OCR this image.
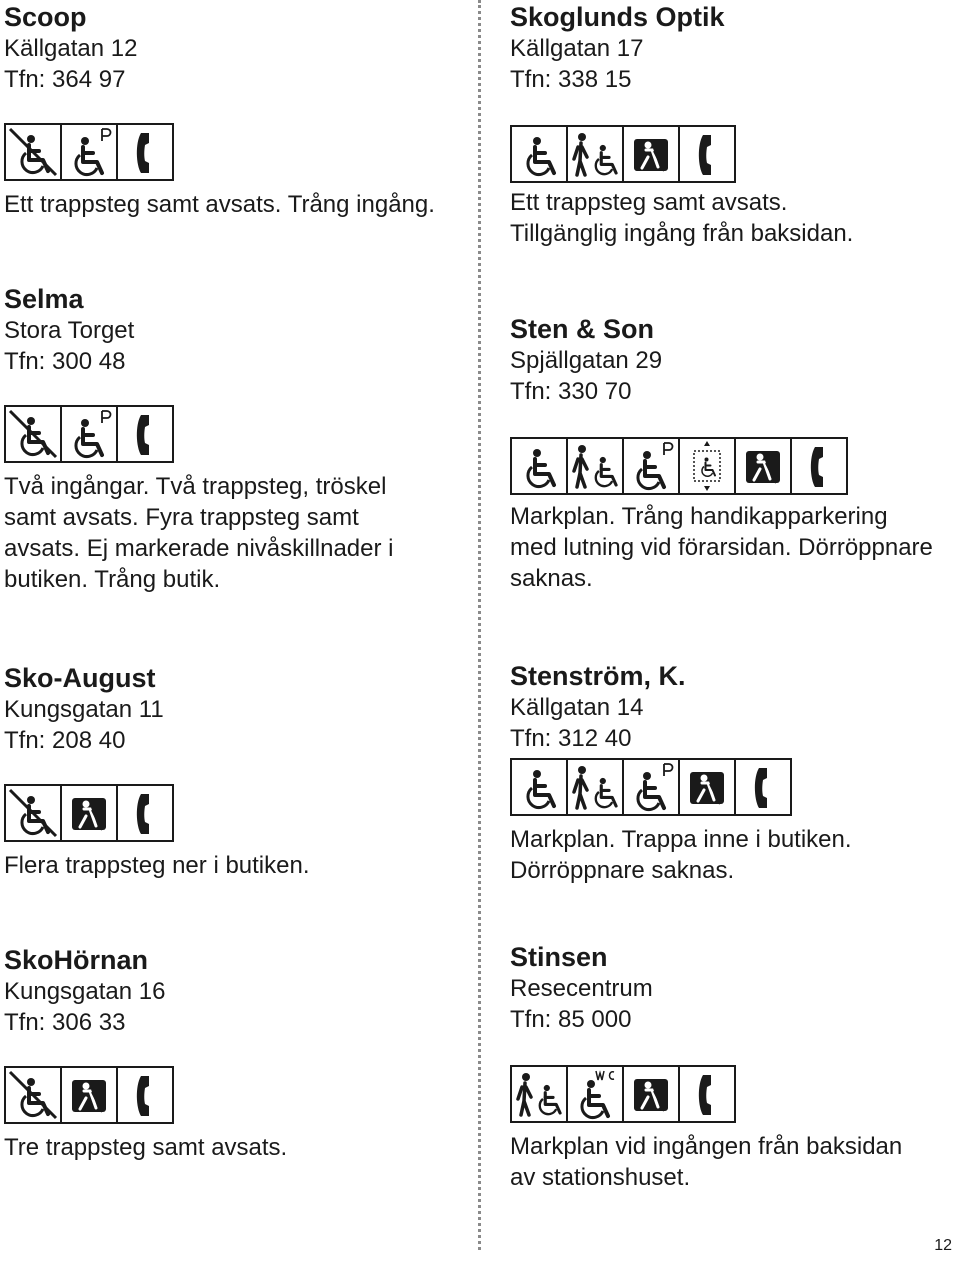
Scoop
Källgatan 12
Tfn: 364 97
Ett trappsteg samt avsats. Trång ingång.
Selma
Stora Torget
Tfn: 300 48
Två ingångar. Två trappsteg, tröskel
samt avsats. Fyra trappsteg samt
avsats. Ej markerade nivåskillnader i
butiken. Trång butik.
Sko-August
Kungsgatan 11
Tfn: 208 40
Flera trappsteg ner i butiken.
SkoHörnan
Kungsgatan 16
Tfn: 306 33
Tre trappsteg samt avsats.
Skoglunds Optik
Källgatan 17
Tfn: 338 15
Ett trappsteg samt avsats.
Tillgänglig ingång från baksidan.
Sten & Son
Spjällgatan 29
Tfn: 330 70
Markplan. Trång handikapparkering
med lutning vid förarsidan. Dörröppnare
saknas.
Stenström, K.
Källgatan 14
Tfn: 312 40
Markplan. Trappa inne i butiken.
Dörröppnare saknas.
Stinsen
Resecentrum
Tfn: 85 000
Markplan vid ingången från baksidan
av stationshuset.
12
